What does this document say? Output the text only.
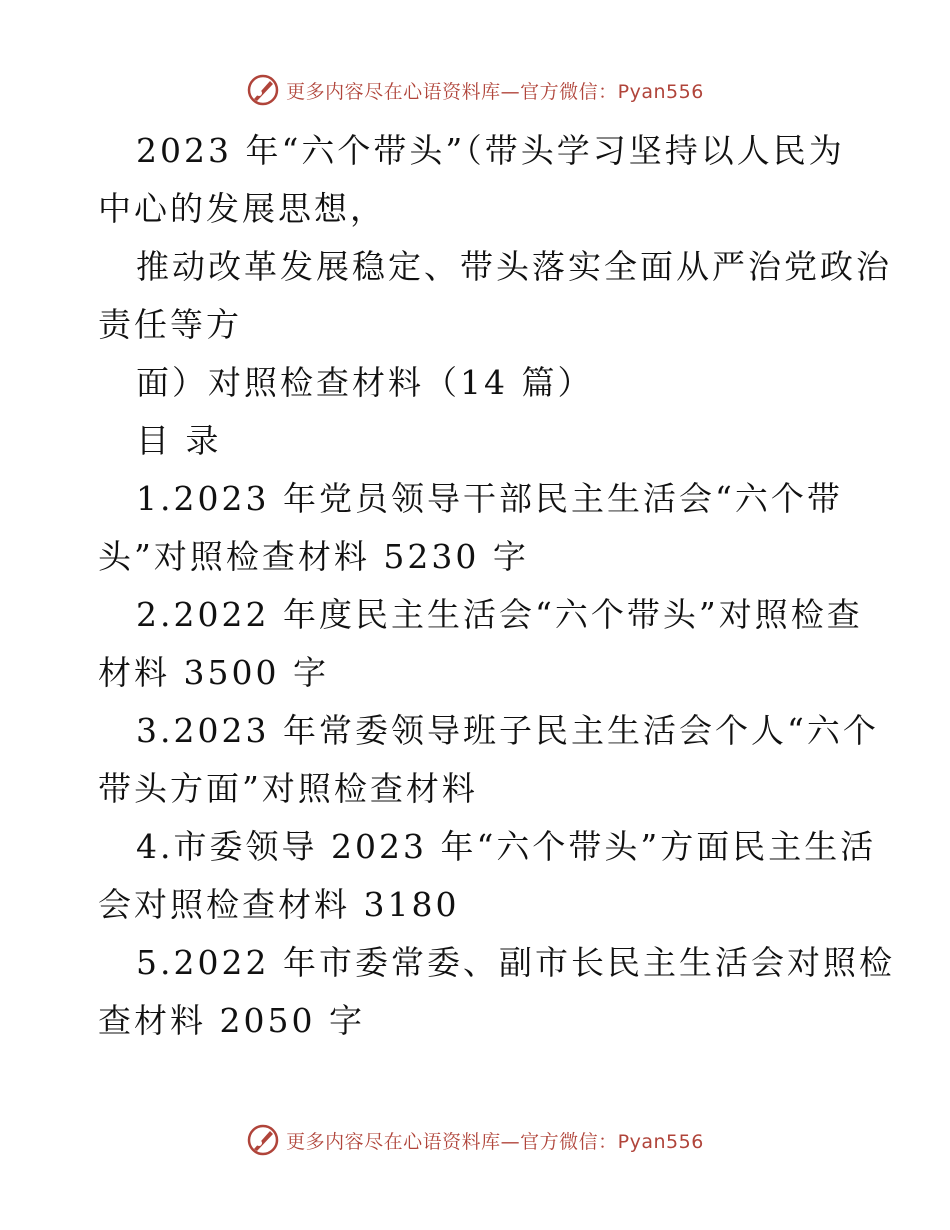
更多内容尽在心语资料库—官方微信：Pyan556
2023 年“六个带头”（带头学习坚持以人民为
中心的发展思想，
推动改革发展稳定、带头落实全面从严治党政治
责任等方
面）对照检查材料（14 篇）
目 录
1.2023 年党员领导干部民主生活会“六个带
头”对照检查材料 5230 字
2.2022 年度民主生活会“六个带头”对照检查
材料 3500 字
3.2023 年常委领导班子民主生活会个人“六个
带头方面”对照检查材料
4.市委领导 2023 年“六个带头”方面民主生活
会对照检查材料 3180
5.2022 年市委常委、副市长民主生活会对照检
查材料 2050 字
更多内容尽在心语资料库—官方微信：Pyan556
